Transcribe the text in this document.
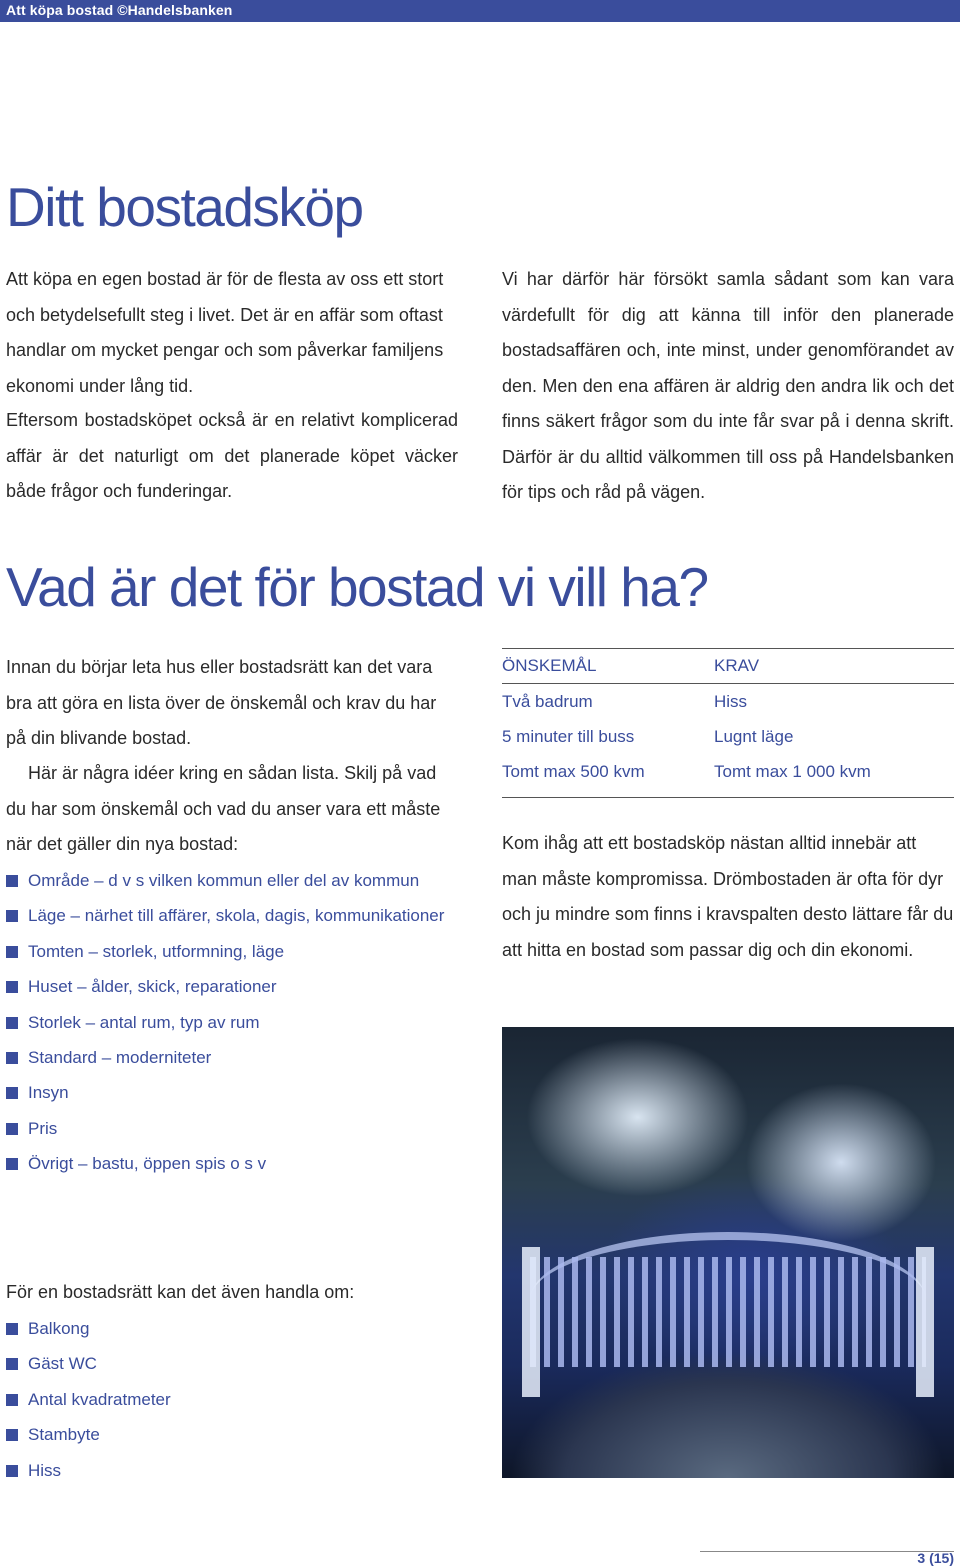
Att köpa bostad ©Handelsbanken
Ditt bostadsköp

Att köpa en egen bostad är för de flesta av oss ett stort och betydelsefullt steg i livet. Det är en affär som oftast handlar om mycket pengar och som påverkar familjens ekonomi under lång tid.

Eftersom bostadsköpet också är en relativt komplicerad affär är det naturligt om det planerade köpet väcker både frågor och funderingar.

Vi har därför här försökt samla sådant som kan vara värdefullt för dig att känna till inför den planerade bostadsaffären och, inte minst, under genomförandet av den. Men den ena affären är aldrig den andra lik och det finns säkert frågor som du inte får svar på i denna skrift. Därför är du alltid välkommen till oss på Handelsbanken för tips och råd på vägen.

Vad är det för bostad vi vill ha?

Innan du börjar leta hus eller bostadsrätt kan det vara bra att göra en lista över de önskemål och krav du har på din blivande bostad.

Här är några idéer kring en sådan lista. Skilj på vad du har som önskemål och vad du anser vara ett måste när det gäller din nya bostad:

Område – d v s vilken kommun eller del av kommun
Läge – närhet till affärer, skola, dagis, kommunikationer
Tomten – storlek, utformning, läge
Huset – ålder, skick, reparationer
Storlek – antal rum, typ av rum
Standard – moderniteter
Insyn
Pris
Övrigt – bastu, öppen spis o s v

För en bostadsrätt kan det även handla om:

Balkong
Gäst WC
Antal kvadratmeter
Stambyte
Hiss
ÖNSKEMÅL	KRAV
Två badrum	Hiss
5 minuter till buss	Lugnt läge
Tomt max 500 kvm	Tomt max 1 000 kvm

Kom ihåg att ett bostadsköp nästan alltid innebär att man måste kompromissa. Drömbostaden är ofta för dyr och ju mindre som finns i kravspalten desto lättare får du att hitta en bostad som passar dig och din ekonomi.

3 (15)
